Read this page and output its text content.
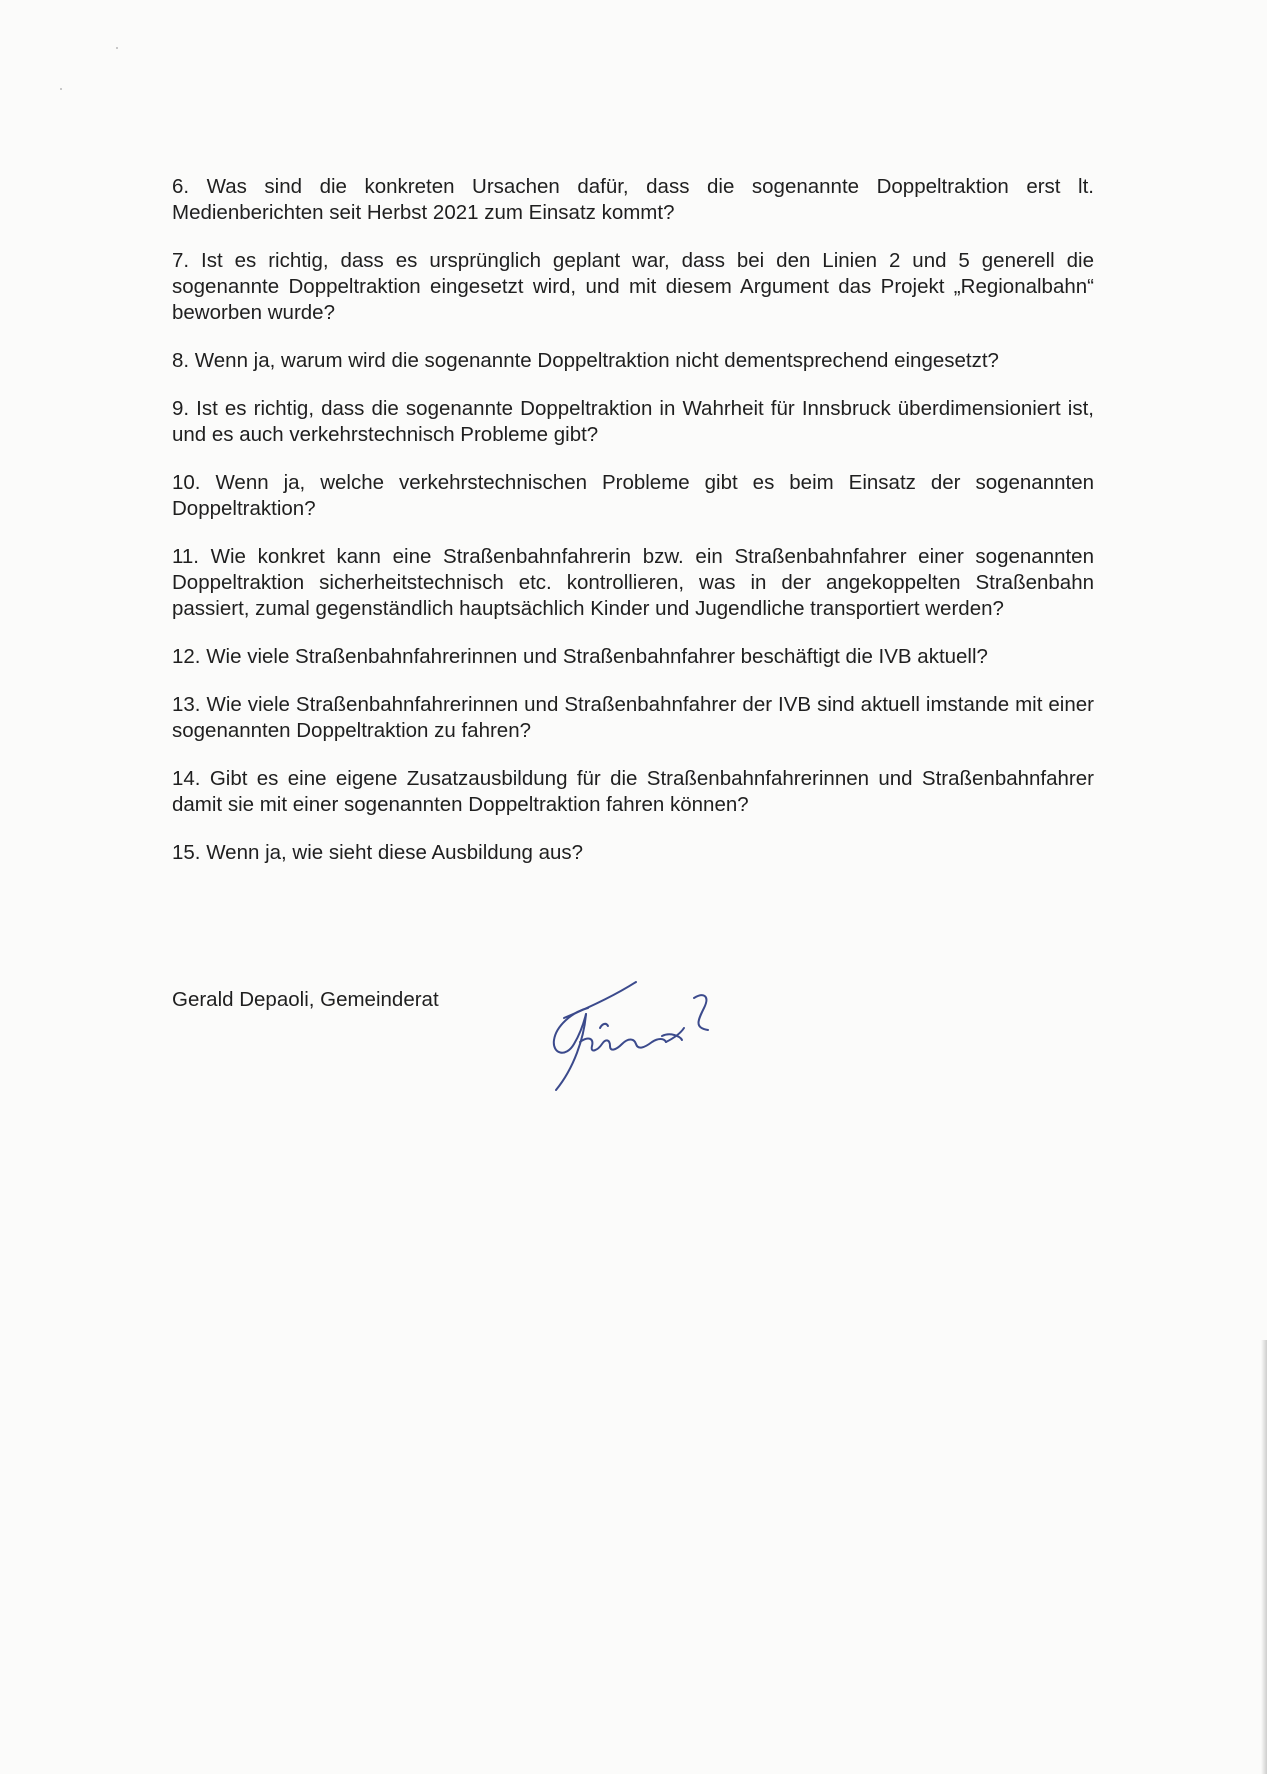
6. Was sind die konkreten Ursachen dafür, dass die sogenannte Doppeltraktion erst lt. Medienberichten seit Herbst 2021 zum Einsatz kommt?
7. Ist es richtig, dass es ursprünglich geplant war, dass bei den Linien 2 und 5 generell die sogenannte Doppeltraktion eingesetzt wird, und mit diesem Argument das Projekt „Regionalbahn“ beworben wurde?
8. Wenn ja, warum wird die sogenannte Doppeltraktion nicht dementsprechend eingesetzt?
9. Ist es richtig, dass die sogenannte Doppeltraktion in Wahrheit für Innsbruck überdimensioniert ist, und es auch verkehrstechnisch Probleme gibt?
10. Wenn ja, welche verkehrstechnischen Probleme gibt es beim Einsatz der sogenannten Doppeltraktion?
11. Wie konkret kann eine Straßenbahnfahrerin bzw. ein Straßenbahnfahrer einer sogenannten Doppeltraktion sicherheitstechnisch etc. kontrollieren, was in der angekoppelten Straßenbahn passiert, zumal gegenständlich hauptsächlich Kinder und Jugendliche transportiert werden?
12. Wie viele Straßenbahnfahrerinnen und Straßenbahnfahrer beschäftigt die IVB aktuell?
13. Wie viele Straßenbahnfahrerinnen und Straßenbahnfahrer der IVB sind aktuell imstande mit einer sogenannten Doppeltraktion zu fahren?
14. Gibt es eine eigene Zusatzausbildung für die Straßenbahnfahrerinnen und Straßenbahnfahrer damit sie mit einer sogenannten Doppeltraktion fahren können?
15. Wenn ja, wie sieht diese Ausbildung aus?
Gerald Depaoli, Gemeinderat
